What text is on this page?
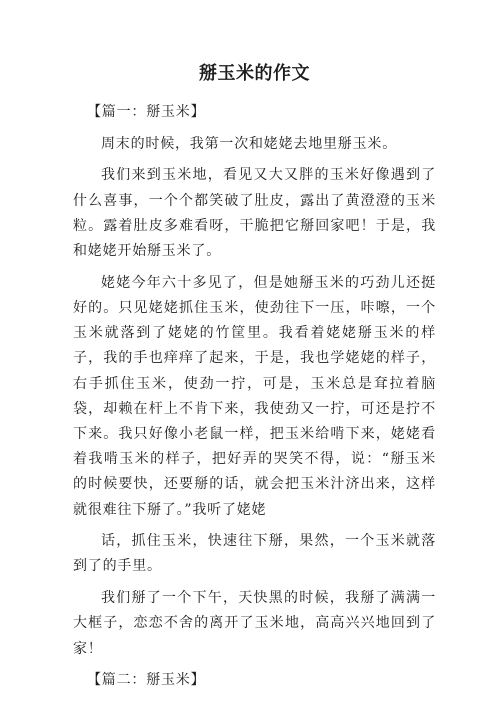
掰玉米的作文

【篇一：掰玉米】

周末的时候，我第一次和姥姥去地里掰玉米。

我们来到玉米地，看见又大又胖的玉米好像遇到了什么喜事，一个个都笑破了肚皮，露出了黄澄澄的玉米粒。露着肚皮多难看呀，干脆把它掰回家吧！于是，我和姥姥开始掰玉米了。

姥姥今年六十多见了，但是她掰玉米的巧劲儿还挺好的。只见姥姥抓住玉米，使劲往下一压，咔嚓，一个玉米就落到了姥姥的竹筐里。我看着姥姥掰玉米的样子，我的手也痒痒了起来，于是，我也学姥姥的样子，右手抓住玉米，使劲一拧，可是，玉米总是耷拉着脑袋，却赖在杆上不肯下来，我使劲又一拧，可还是拧不下来。我只好像小老鼠一样，把玉米给啃下来，姥姥看着我啃玉米的样子，把好弄的哭笑不得，说：“掰玉米的时候要快，还要掰的话，就会把玉米汁济出来，这样就很难往下掰了。”我听了姥姥

话，抓住玉米，快速往下掰，果然，一个玉米就落到了的手里。

我们掰了一个下午，天快黑的时候，我掰了满满一大框子，恋恋不舍的离开了玉米地，高高兴兴地回到了家！

【篇二：掰玉米】
